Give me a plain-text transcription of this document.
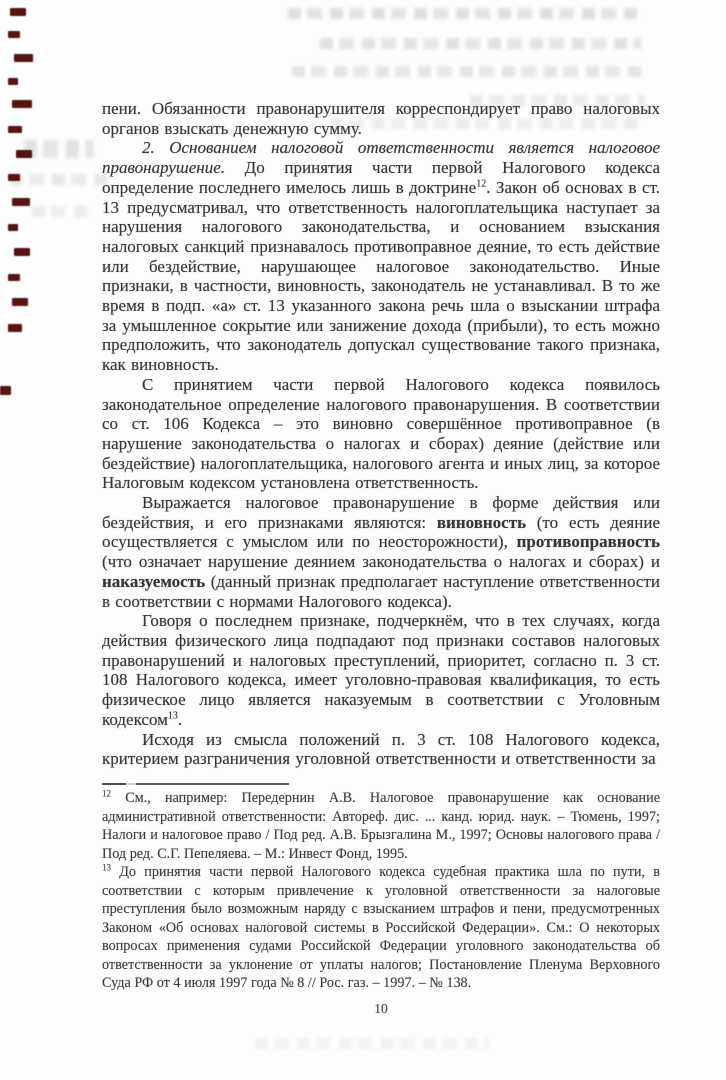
пени. Обязанности правонарушителя корреспондирует право налоговых органов взыскать денежную сумму.

2. Основанием налоговой ответственности является налоговое правонарушение. До принятия части первой Налогового кодекса определение последнего имелось лишь в доктрине$^{12}$. Закон об основах в ст. 13 предусматривал, что ответственность налогоплательщика наступает за нарушения налогового законодательства, и основанием взыскания налоговых санкций признавалось противоправное деяние, то есть действие или бездействие, нарушающее налоговое законодательство. Иные признаки, в частности, виновность, законодатель не устанавливал. В то же время в подп. «а» ст. 13 указанного закона речь шла о взыскании штрафа за умышленное сокрытие или занижение дохода (прибыли), то есть можно предположить, что законодатель допускал существование такого признака, как виновность.

С принятием части первой Налогового кодекса появилось законодательное определение налогового правонарушения. В соответствии со ст. 106 Кодекса – это виновно совершённое противоправное (в нарушение законодательства о налогах и сборах) деяние (действие или бездействие) налогоплательщика, налогового агента и иных лиц, за которое Налоговым кодексом установлена ответственность.

Выражается налоговое правонарушение в форме действия или бездействия, и его признаками являются: виновность (то есть деяние осуществляется с умыслом или по неосторожности), противоправность (что означает нарушение деянием законодательства о налогах и сборах) и наказуемость (данный признак предполагает наступление ответственности в соответствии с нормами Налогового кодекса).

Говоря о последнем признаке, подчеркнём, что в тех случаях, когда действия физического лица подпадают под признаки составов налоговых правонарушений и налоговых преступлений, приоритет, согласно п. 3 ст. 108 Налогового кодекса, имеет уголовно-правовая квалификация, то есть физическое лицо является наказуемым в соответствии с Уголовным кодексом$^{13}$.

Исходя из смысла положений п. 3 ст. 108 Налогового кодекса, критерием разграничения уголовной ответственности и ответственности за

$^{12}$ См., например: Передернин А.В. Налоговое правонарушение как основание административной ответственности: Автореф. дис. ... канд. юрид. наук. – Тюмень, 1997; Налоги и налоговое право / Под ред. А.В. Брызгалина М., 1997; Основы налогового права / Под ред. С.Г. Пепеляева. – М.: Инвест Фонд, 1995.

$^{13}$ До принятия части первой Налогового кодекса судебная практика шла по пути, в соответствии с которым привлечение к уголовной ответственности за налоговые преступления было возможным наряду с взысканием штрафов и пени, предусмотренных Законом «Об основах налоговой системы в Российской Федерации». См.: О некоторых вопросах применения судами Российской Федерации уголовного законодательства об ответственности за уклонение от уплаты налогов; Постановление Пленума Верховного Суда РФ от 4 июля 1997 года № 8 // Рос. газ. – 1997. – № 138.

10
